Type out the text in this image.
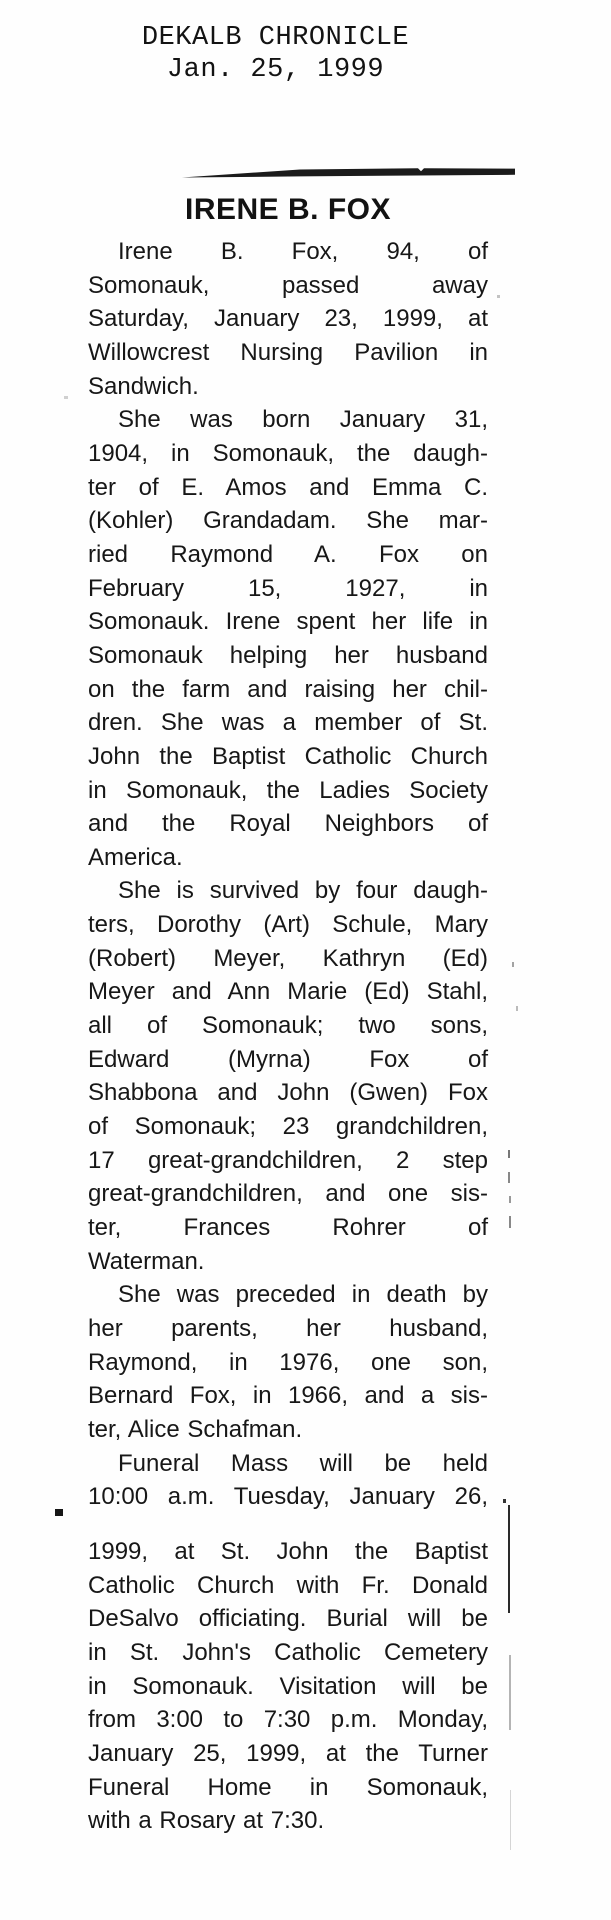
DEKALB CHRONICLE
Jan. 25, 1999
IRENE B. FOX
Irene B. Fox, 94, of
Somonauk, passed away
Saturday, January 23, 1999, at
Willowcrest Nursing Pavilion in
Sandwich.
She was born January 31,
1904, in Somonauk, the daugh-
ter of E. Amos and Emma C.
(Kohler) Grandadam. She mar-
ried Raymond A. Fox on
February 15, 1927, in
Somonauk. Irene spent her life in
Somonauk helping her husband
on the farm and raising her chil-
dren. She was a member of St.
John the Baptist Catholic Church
in Somonauk, the Ladies Society
and the Royal Neighbors of
America.
She is survived by four daugh-
ters, Dorothy (Art) Schule, Mary
(Robert) Meyer, Kathryn (Ed)
Meyer and Ann Marie (Ed) Stahl,
all of Somonauk; two sons,
Edward (Myrna) Fox of
Shabbona and John (Gwen) Fox
of Somonauk; 23 grandchildren,
17 great-grandchildren, 2 step
great-grandchildren, and one sis-
ter, Frances Rohrer of
Waterman.
She was preceded in death by
her parents, her husband,
Raymond, in 1976, one son,
Bernard Fox, in 1966, and a sis-
ter, Alice Schafman.
Funeral Mass will be held
10:00 a.m. Tuesday, January 26,
1999, at St. John the Baptist
Catholic Church with Fr. Donald
DeSalvo officiating. Burial will be
in St. John's Catholic Cemetery
in Somonauk. Visitation will be
from 3:00 to 7:30 p.m. Monday,
January 25, 1999, at the Turner
Funeral Home in Somonauk,
with a Rosary at 7:30.
